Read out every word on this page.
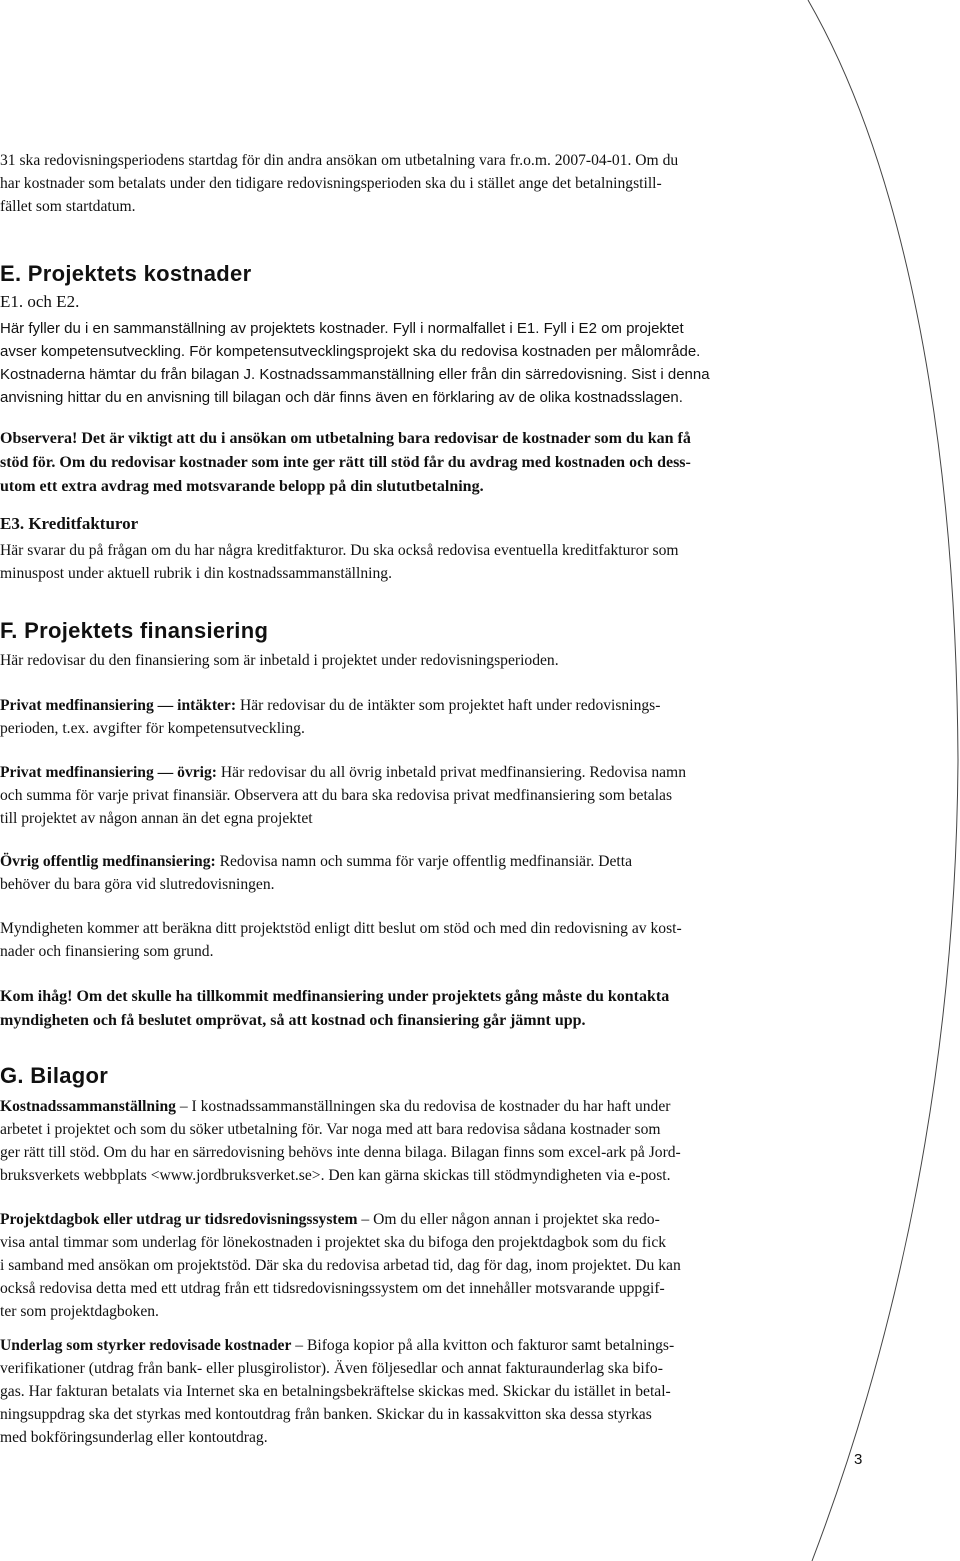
31 ska redovisningsperiodens startdag för din andra ansökan om utbetalning vara fr.o.m. 2007-04-01. Om du
har kostnader som betalats under den tidigare redovisningsperioden ska du i stället ange det betalningstill-
fället som startdatum.
E. Projektets kostnader
E1. och E2.
Här fyller du i en sammanställning av projektets kostnader. Fyll i normalfallet i E1. Fyll i E2 om projektet
avser kompetensutveckling. För kompetensutvecklingsprojekt ska du redovisa kostnaden per målområde.
Kostnaderna hämtar du från bilagan J. Kostnadssammanställning eller från din särredovisning. Sist i denna
anvisning hittar du en anvisning till bilagan och där finns även en förklaring av de olika kostnadsslagen.
Observera! Det är viktigt att du i ansökan om utbetalning bara redovisar de kostnader som du kan få
stöd för. Om du redovisar kostnader som inte ger rätt till stöd får du avdrag med kostnaden och dess-
utom ett extra avdrag med motsvarande belopp på din slututbetalning.
E3. Kreditfakturor
Här svarar du på frågan om du har några kreditfakturor. Du ska också redovisa eventuella kreditfakturor som
minuspost under aktuell rubrik i din kostnadssammanställning.
F. Projektets finansiering
Här redovisar du den finansiering som är inbetald i projektet under redovisningsperioden.
Privat medfinansiering — intäkter: Här redovisar du de intäkter som projektet haft under redovisnings-
perioden, t.ex. avgifter för kompetensutveckling.
Privat medfinansiering — övrig: Här redovisar du all övrig inbetald privat medfinansiering. Redovisa namn
och summa för varje privat finansiär. Observera att du bara ska redovisa privat medfinansiering som betalas
till projektet av någon annan än det egna projektet
Övrig offentlig medfinansiering: Redovisa namn och summa för varje offentlig medfinansiär. Detta
behöver du bara göra vid slutredovisningen.
Myndigheten kommer att beräkna ditt projektstöd enligt ditt beslut om stöd och med din redovisning av kost-
nader och finansiering som grund.
Kom ihåg! Om det skulle ha tillkommit medfinansiering under projektets gång måste du kontakta
myndigheten och få beslutet omprövat, så att kostnad och finansiering går jämnt upp.
G. Bilagor
Kostnadssammanställning – I kostnadssammanställningen ska du redovisa de kostnader du har haft under
arbetet i projektet och som du söker utbetalning för. Var noga med att bara redovisa sådana kostnader som
ger rätt till stöd. Om du har en särredovisning behövs inte denna bilaga. Bilagan finns som excel-ark på Jord-
bruksverkets webbplats <www.jordbruksverket.se>. Den kan gärna skickas till stödmyndigheten via e-post.
Projektdagbok eller utdrag ur tidsredovisningssystem – Om du eller någon annan i projektet ska redo-
visa antal timmar som underlag för lönekostnaden i projektet ska du bifoga den projektdagbok som du fick
i samband med ansökan om projektstöd. Där ska du redovisa arbetad tid, dag för dag, inom projektet. Du kan
också redovisa detta med ett utdrag från ett tidsredovisningssystem om det innehåller motsvarande uppgif-
ter som projektdagboken.
Underlag som styrker redovisade kostnader – Bifoga kopior på alla kvitton och fakturor samt betalnings-
verifikationer (utdrag från bank- eller plusgirolistor). Även följesedlar och annat fakturaunderlag ska bifo-
gas. Har fakturan betalats via Internet ska en betalningsbekräftelse skickas med. Skickar du istället in betal-
ningsuppdrag ska det styrkas med kontoutdrag från banken. Skickar du in kassakvitton ska dessa styrkas
med bokföringsunderlag eller kontoutdrag.
3
